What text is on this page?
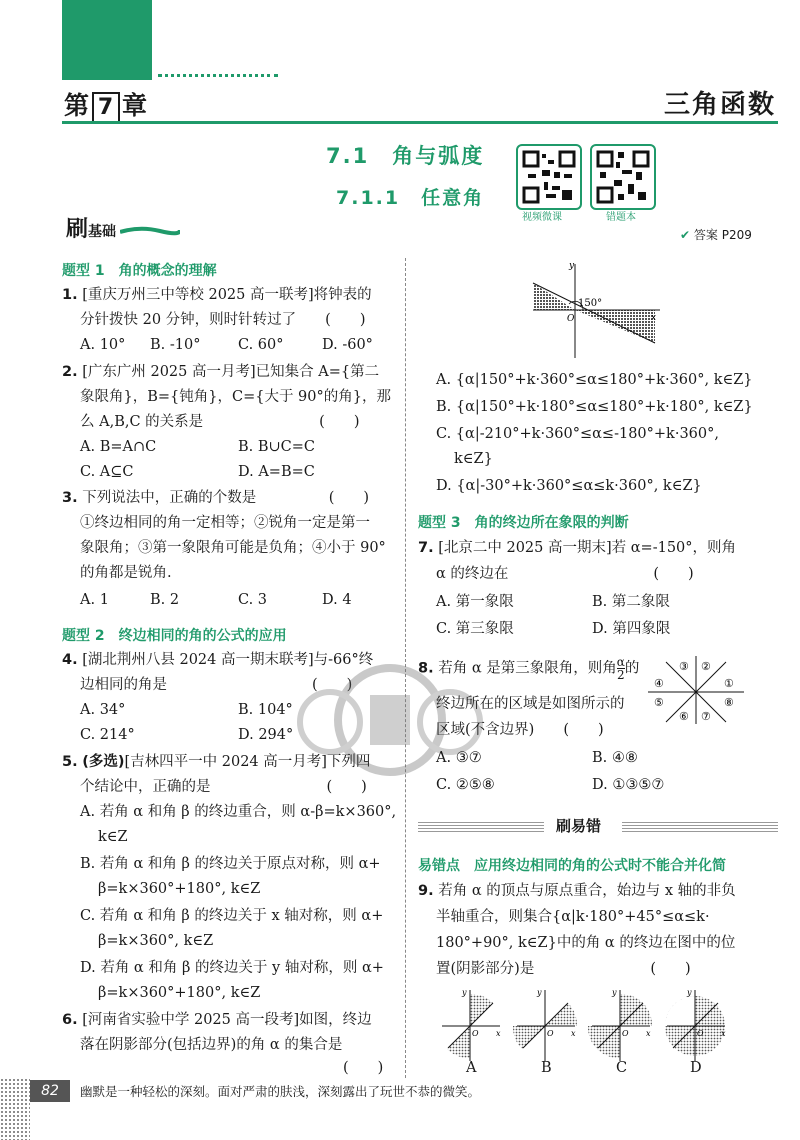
第 7 章	三角函数
7.1　角与弧度
7.1.1　任意角
视频微课	错题本
刷基础	✔ 答案 P209
题型 1　角的概念的理解
1. [重庆万州三中等校 2025 高一联考]将钟表的
分针拨快 20 分钟，则时针转过了　　(　　)
A. 10° B. -10°	C. 60°	D. -60°
2. [广东广州 2025 高一月考]已知集合 A={第二
象限角}，B={钝角}，C={大于 90°的角}，那
么 A,B,C 的关系是　　　　　　　　(　　)
A. B=A∩C	B. B∪C=C
C. A⊆C	D. A=B=C
3. 下列说法中，正确的个数是　　　　　(　　)
①终边相同的角一定相等；②锐角一定是第一
象限角；③第一象限角可能是负角；④小于 90°
的角都是锐角.
A. 1	B. 2	C. 3	D. 4
题型 2　终边相同的角的公式的应用
4. [湖北荆州八县 2024 高一期末联考]与-66°终
边相同的角是　　　　　　　　　　(　　)
A. 34°	B. 104°
C. 214°	D. 294°
5. (多选)[吉林四平一中 2024 高一月考]下列四
个结论中，正确的是　　　　　　　　(　　)
A. 若角 α 和角 β 的终边重合，则 α-β=k×360°,
k∈Z
B. 若角 α 和角 β 的终边关于原点对称，则 α+
β=k×360°+180°, k∈Z
C. 若角 α 和角 β 的终边关于 x 轴对称，则 α+
β=k×360°, k∈Z
D. 若角 α 和角 β 的终边关于 y 轴对称，则 α+
β=k×360°+180°, k∈Z
6. [河南省实验中学 2025 高一段考]如图，终边
落在阴影部分(包括边界)的角 α 的集合是
(　　)
150°
y
x
O
A. {α|150°+k·360°≤α≤180°+k·360°, k∈Z}
B. {α|150°+k·180°≤α≤180°+k·180°, k∈Z}
C. {α|-210°+k·360°≤α≤-180°+k·360°,
k∈Z}
D. {α|-30°+k·360°≤α≤k·360°, k∈Z}
题型 3　角的终边所在象限的判断
7. [北京二中 2025 高一期末]若 α=-150°，则角
α 的终边在　　　　　　　　　　(　　)
A. 第一象限	B. 第二象限
C. 第三象限	D. 第四象限
8. 若角 α 是第三象限角，则角 $\frac{\alpha}{2}$ 的
终边所在的区域是如图所示的
区域(不含边界)　　(　　)
①
②
③
④
⑤
⑥ ⑦
⑧
A. ③⑦	B. ④⑧
C. ②⑤⑧	D. ①③⑤⑦
刷易错
易错点　应用终边相同的角的公式时不能合并化简
9. 若角 α 的顶点与原点重合，始边与 x 轴的非负
半轴重合，则集合{α|k·180°+45°≤α≤k·
180°+90°, k∈Z}中的角 α 的终边在图中的位
置(阴影部分)是　　　　　　　　(　　)
y
x
O
y
x
O
y
x
O
y
x
O
A	B	C	D
82	幽默是一种轻松的深刻。面对严肃的肤浅，深刻露出了玩世不恭的微笑。
